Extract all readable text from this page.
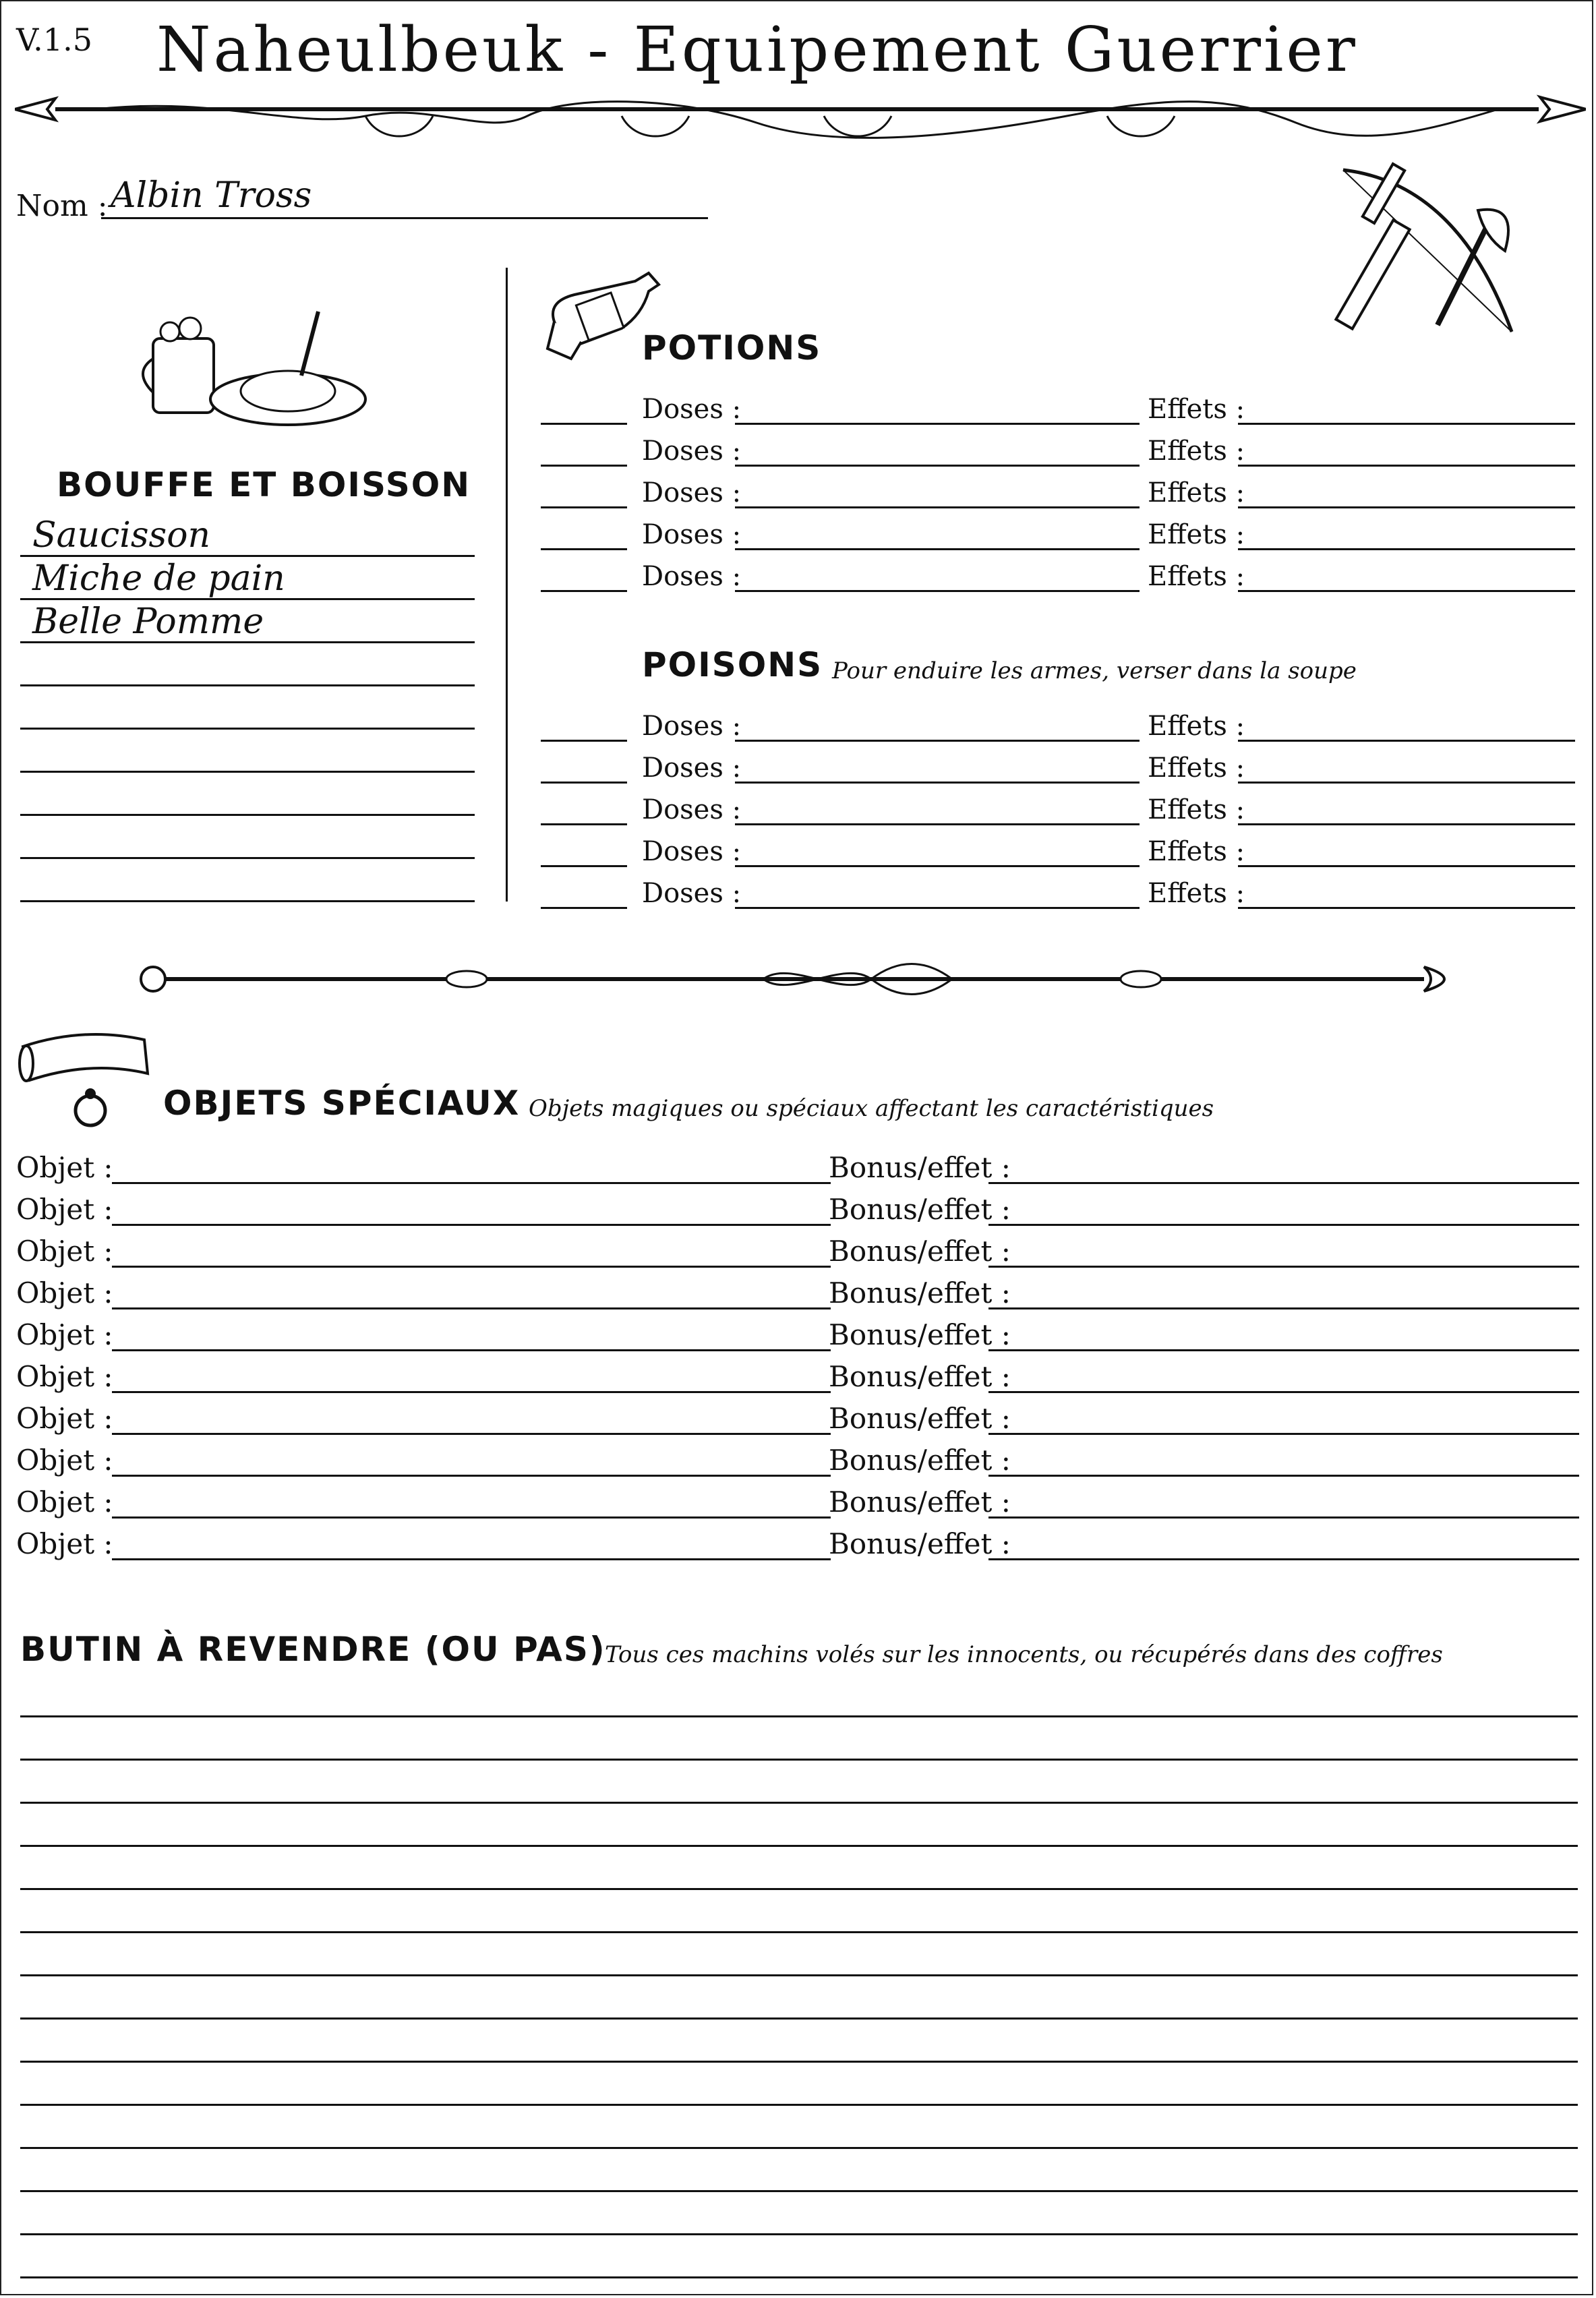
V.1.5 Naheulbeuk - Equipement Guerrier
Nom : Albin Tross
BOUFFE ET BOISSON
Saucisson
Miche de pain
Belle Pomme
POTIONS
Doses :	Effets :
Doses :	Effets :
Doses :	Effets :
Doses :	Effets :
Doses :	Effets :
POISONS Pour enduire les armes, verser dans la soupe
Doses :	Effets :
Doses :	Effets :
Doses :	Effets :
Doses :	Effets :
Doses :	Effets :
OBJETS SPÉCIAUX Objets magiques ou spéciaux affectant les caractéristiques
Objet :	Bonus/effet :
Objet :	Bonus/effet :
Objet :	Bonus/effet :
Objet :	Bonus/effet :
Objet :	Bonus/effet :
Objet :	Bonus/effet :
Objet :	Bonus/effet :
Objet :	Bonus/effet :
Objet :	Bonus/effet :
Objet :	Bonus/effet :
BUTIN À REVENDRE (OU PAS)
Tous ces machins volés sur les innocents, ou récupérés dans des coffres
